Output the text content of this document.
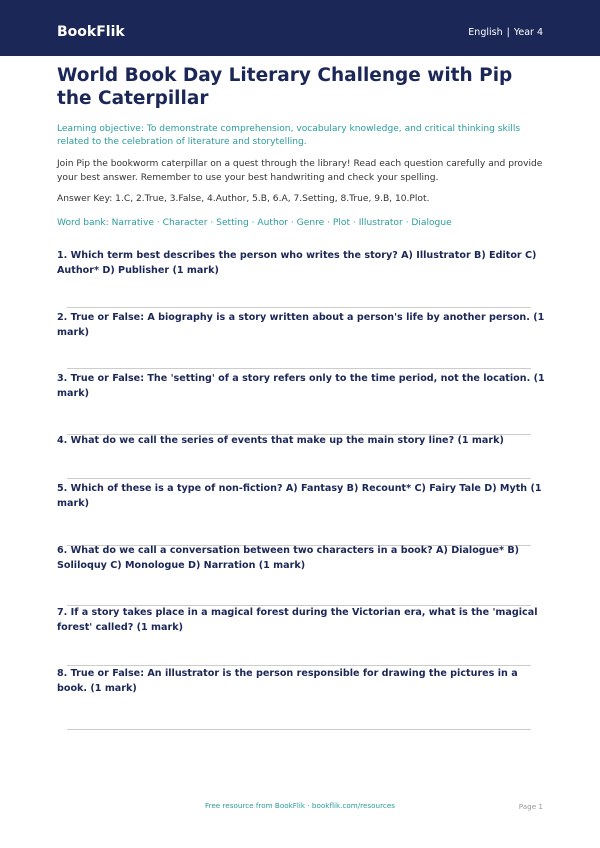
BookFlik	English | Year 4
World Book Day Literary Challenge with Pip the Caterpillar
Learning objective: To demonstrate comprehension, vocabulary knowledge, and critical thinking skills related to the celebration of literature and storytelling.
Join Pip the bookworm caterpillar on a quest through the library! Read each question carefully and provide your best answer. Remember to use your best handwriting and check your spelling.
Answer Key: 1.C, 2.True, 3.False, 4.Author, 5.B, 6.A, 7.Setting, 8.True, 9.B, 10.Plot.
Word bank: Narrative · Character · Setting · Author · Genre · Plot · Illustrator · Dialogue
1. Which term best describes the person who writes the story? A) Illustrator B) Editor C) Author* D) Publisher (1 mark)
2. True or False: A biography is a story written about a person's life by another person. (1 mark)
3. True or False: The 'setting' of a story refers only to the time period, not the location. (1 mark)
4. What do we call the series of events that make up the main story line? (1 mark)
5. Which of these is a type of non-fiction? A) Fantasy B) Recount* C) Fairy Tale D) Myth (1 mark)
6. What do we call a conversation between two characters in a book? A) Dialogue* B) Soliloquy C) Monologue D) Narration (1 mark)
7. If a story takes place in a magical forest during the Victorian era, what is the 'magical forest' called? (1 mark)
8. True or False: An illustrator is the person responsible for drawing the pictures in a book. (1 mark)
Free resource from BookFlik · bookflik.com/resources	Page 1
